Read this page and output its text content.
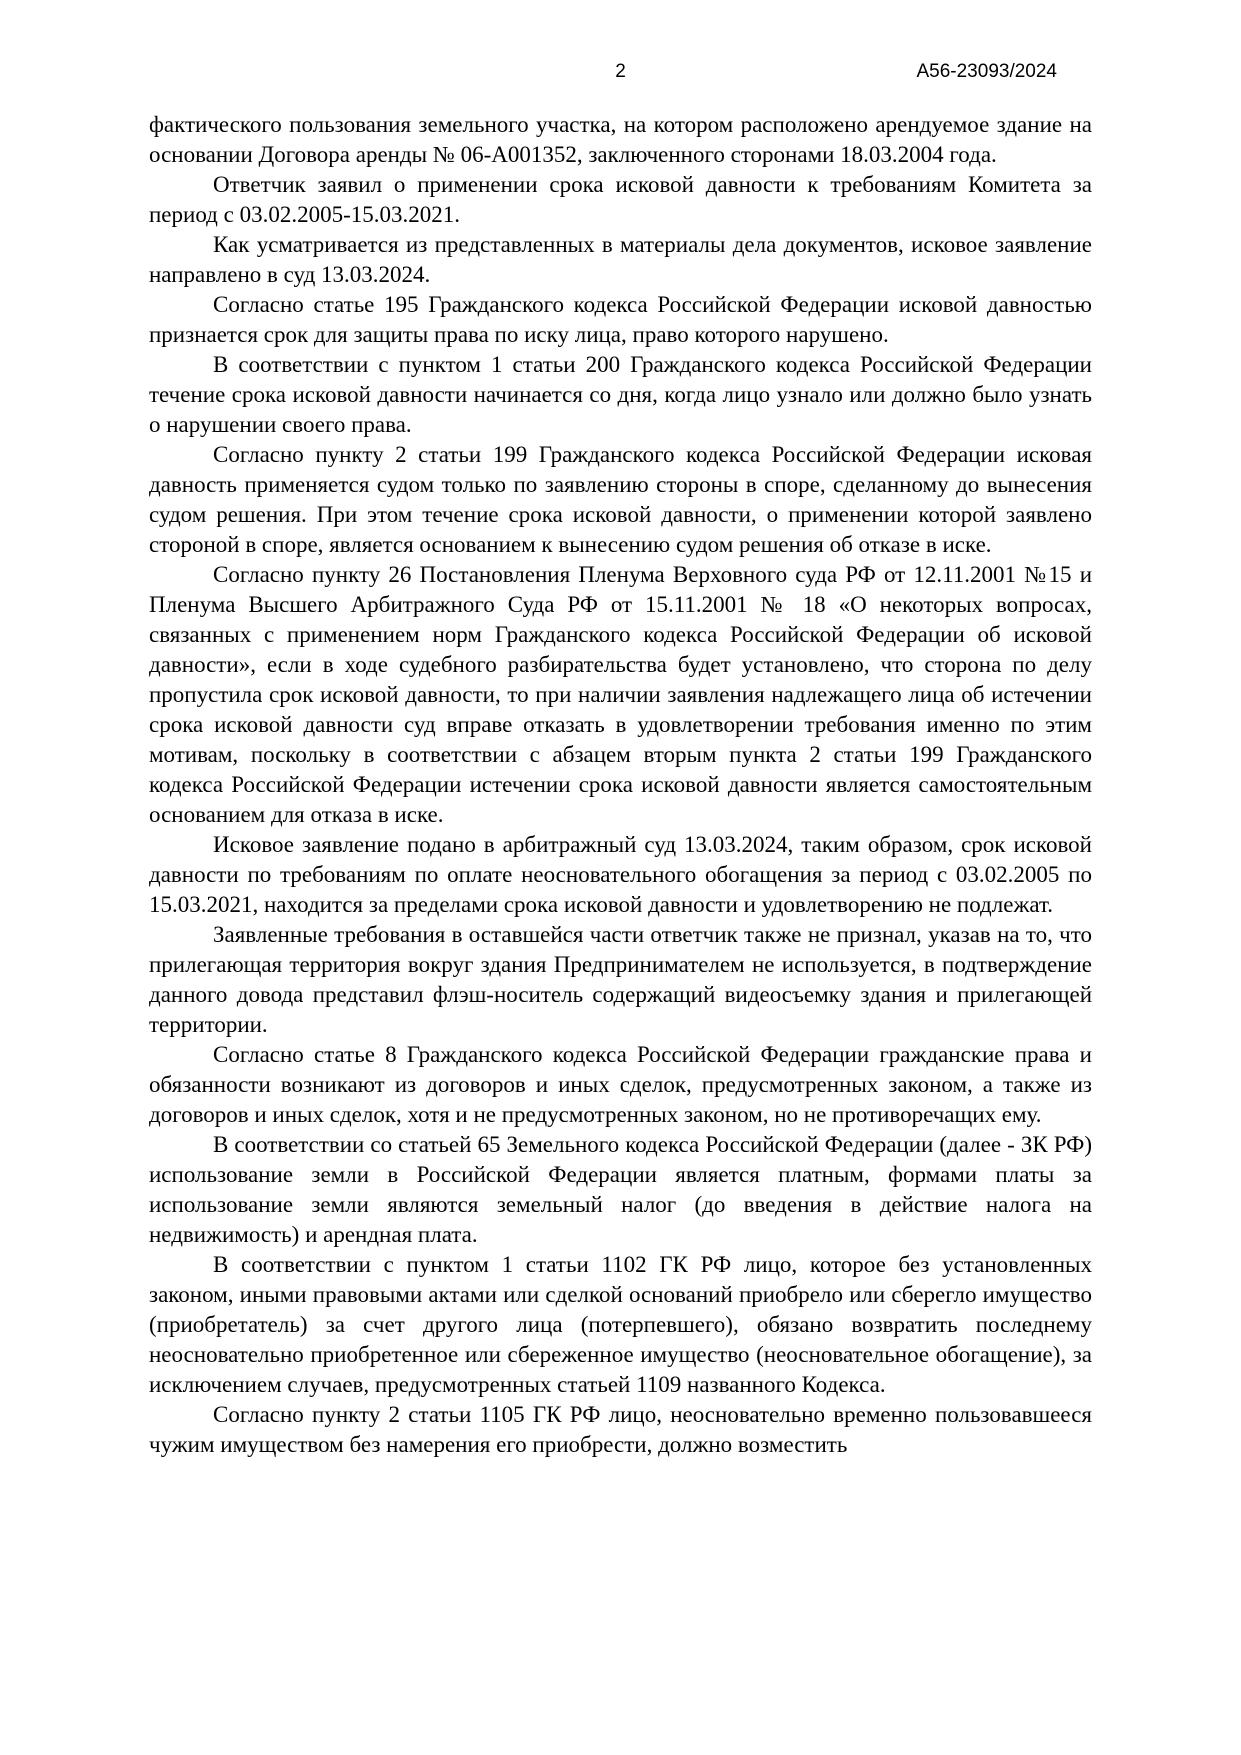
2	А56-23093/2024

фактического пользования земельного участка, на котором расположено арендуемое здание на основании Договора аренды № 06-А001352, заключенного сторонами 18.03.2004 года.

Ответчик заявил о применении срока исковой давности к требованиям Комитета за период с 03.02.2005-15.03.2021.

Как усматривается из представленных в материалы дела документов, исковое заявление направлено в суд 13.03.2024.

Согласно статье 195 Гражданского кодекса Российской Федерации исковой давностью признается срок для защиты права по иску лица, право которого нарушено.

В соответствии с пунктом 1 статьи 200 Гражданского кодекса Российской Федерации течение срока исковой давности начинается со дня, когда лицо узнало или должно было узнать о нарушении своего права.

Согласно пункту 2 статьи 199 Гражданского кодекса Российской Федерации исковая давность применяется судом только по заявлению стороны в споре, сделанному до вынесения судом решения. При этом течение срока исковой давности, о применении которой заявлено стороной в споре, является основанием к вынесению судом решения об отказе в иске.

Согласно пункту 26 Постановления Пленума Верховного суда РФ от 12.11.2001 №15 и Пленума Высшего Арбитражного Суда РФ от 15.11.2001 № 18 «О некоторых вопросах, связанных с применением норм Гражданского кодекса Российской Федерации об исковой давности», если в ходе судебного разбирательства будет установлено, что сторона по делу пропустила срок исковой давности, то при наличии заявления надлежащего лица об истечении срока исковой давности суд вправе отказать в удовлетворении требования именно по этим мотивам, поскольку в соответствии с абзацем вторым пункта 2 статьи 199 Гражданского кодекса Российской Федерации истечении срока исковой давности является самостоятельным основанием для отказа в иске.

Исковое заявление подано в арбитражный суд 13.03.2024, таким образом, срок исковой давности по требованиям по оплате неосновательного обогащения за период с 03.02.2005 по 15.03.2021, находится за пределами срока исковой давности и удовлетворению не подлежат.

Заявленные требования в оставшейся части ответчик также не признал, указав на то, что прилегающая территория вокруг здания Предпринимателем не используется, в подтверждение данного довода представил флэш-носитель содержащий видеосъемку здания и прилегающей территории.

Согласно статье 8 Гражданского кодекса Российской Федерации гражданские права и обязанности возникают из договоров и иных сделок, предусмотренных законом, а также из договоров и иных сделок, хотя и не предусмотренных законом, но не противоречащих ему.

В соответствии со статьей 65 Земельного кодекса Российской Федерации (далее - ЗК РФ) использование земли в Российской Федерации является платным, формами платы за использование земли являются земельный налог (до введения в действие налога на недвижимость) и арендная плата.

В соответствии с пунктом 1 статьи 1102 ГК РФ лицо, которое без установленных законом, иными правовыми актами или сделкой оснований приобрело или сберегло имущество (приобретатель) за счет другого лица (потерпевшего), обязано возвратить последнему неосновательно приобретенное или сбереженное имущество (неосновательное обогащение), за исключением случаев, предусмотренных статьей 1109 названного Кодекса.

Согласно пункту 2 статьи 1105 ГК РФ лицо, неосновательно временно пользовавшееся чужим имуществом без намерения его приобрести, должно возместить
